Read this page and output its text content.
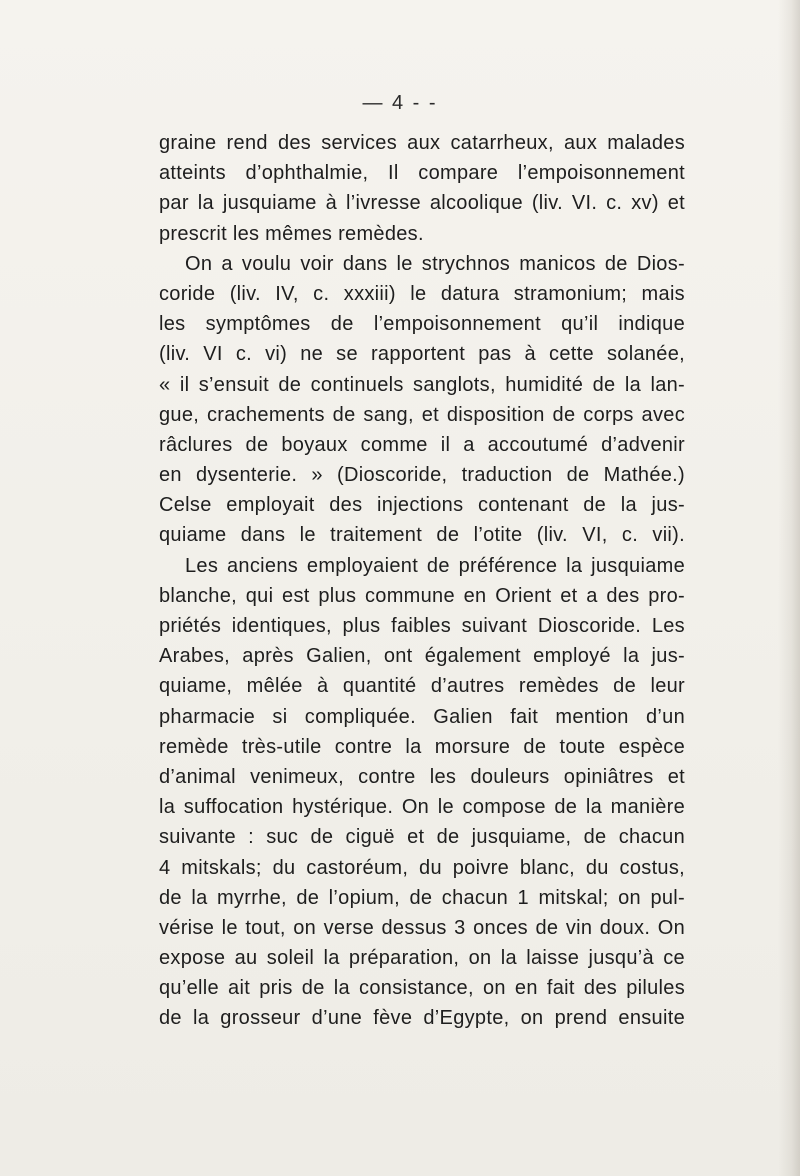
— 4 - -
graine rend des services aux catarrheux, aux malades
atteints d’ophthalmie, Il compare l’empoisonnement
par la jusquiame à l’ivresse alcoolique (liv. VI. c. xv) et
prescrit les mêmes remèdes.
On a voulu voir dans le strychnos manicos de Dios-
coride (liv. IV, c. xxxiii) le datura stramonium; mais
les symptômes de l’empoisonnement qu’il indique
(liv. VI c. vi) ne se rapportent pas à cette solanée,
« il s’ensuit de continuels sanglots, humidité de la lan-
gue, crachements de sang, et disposition de corps avec
râclures de boyaux comme il a accoutumé d’advenir
en dysenterie. » (Dioscoride, traduction de Mathée.)
Celse employait des injections contenant de la jus-
quiame dans le traitement de l’otite (liv. VI, c. vii).
Les anciens employaient de préférence la jusquiame
blanche, qui est plus commune en Orient et a des pro-
priétés identiques, plus faibles suivant Dioscoride. Les
Arabes, après Galien, ont également employé la jus-
quiame, mêlée à quantité d’autres remèdes de leur
pharmacie si compliquée. Galien fait mention d’un
remède très-utile contre la morsure de toute espèce
d’animal venimeux, contre les douleurs opiniâtres et
la suffocation hystérique. On le compose de la manière
suivante : suc de ciguë et de jusquiame, de chacun
4 mitskals; du castoréum, du poivre blanc, du costus,
de la myrrhe, de l’opium, de chacun 1 mitskal; on pul-
vérise le tout, on verse dessus 3 onces de vin doux. On
expose au soleil la préparation, on la laisse jusqu’à ce
qu’elle ait pris de la consistance, on en fait des pilules
de la grosseur d’une fève d’Egypte, on prend ensuite
